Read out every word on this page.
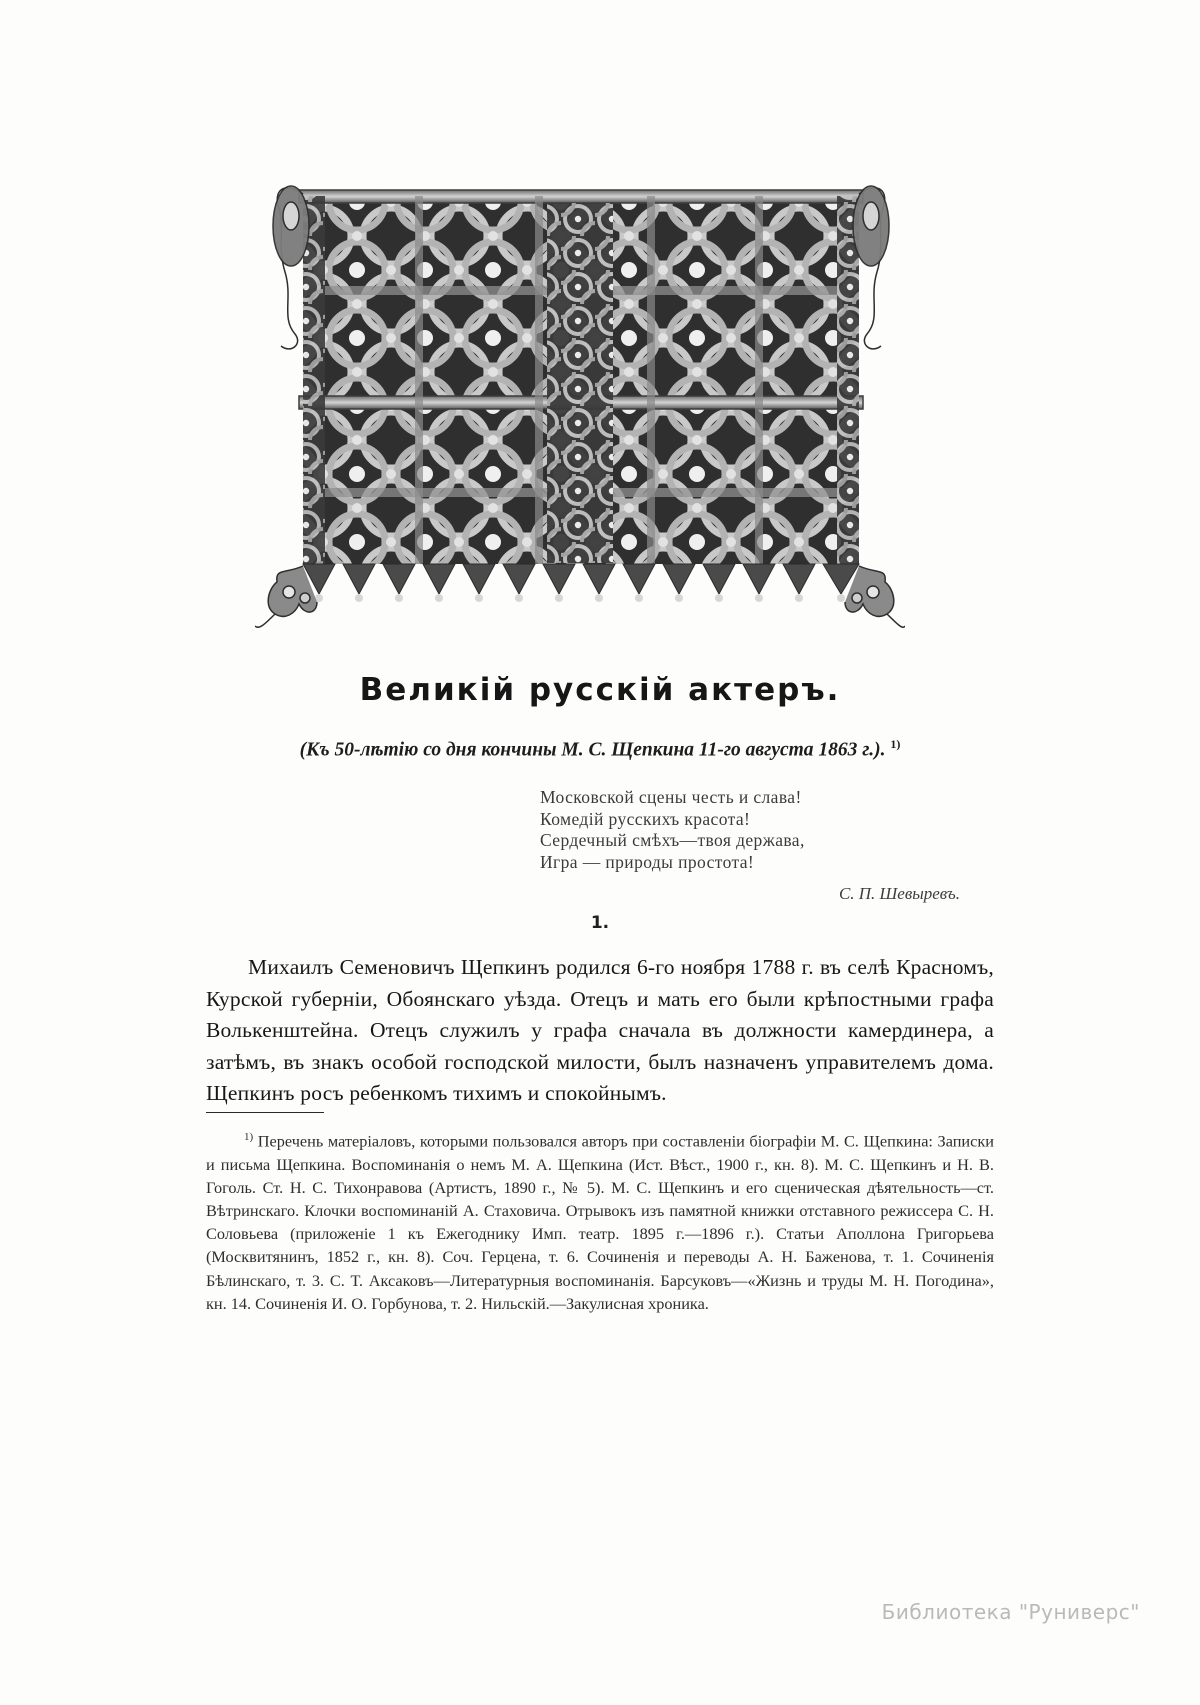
Великiй русскiй актеръ.
(Къ 50-лѣтiю со дня кончины М. С. Щепкина 11-го августа 1863 г.). $^{1)}$
Московской сцены честь и слава!
Комедiй русскихъ красота!
Сердечный смѣхъ—твоя держава,
Игра — природы простота!
С. П. Шевыревъ.
1.

Михаилъ Семеновичъ Щепкинъ родился 6-го ноября 1788 г. въ селѣ Красномъ, Курской губернiи, Обоянскаго уѣзда. Отецъ и мать его были крѣпостными графа Волькенштейна. Отецъ служилъ у графа сначала въ должности камердинера, а затѣмъ, въ знакъ особой господской милости, былъ назначенъ управителемъ дома. Щепкинъ росъ ребенкомъ тихимъ и спокойнымъ.

$^{1)}$ Перечень матерiаловъ, которыми пользовался авторъ при составленiи бiографiи М. С. Щепкина: Записки и письма Щепкина. Воспоминанiя о немъ М. А. Щепкина (Ист. Вѣст., 1900 г., кн. 8). М. С. Щепкинъ и Н. В. Гоголь. Ст. Н. С. Тихонравова (Артистъ, 1890 г., № 5). М. С. Щепкинъ и его сценическая дѣятельность—ст. Вѣтринскаго. Клочки воспоминанiй А. Стаховича. Отрывокъ изъ памятной книжки отставного режиссера С. Н. Соловьева (приложенiе 1 къ Ежегоднику Имп. театр. 1895 г.—1896 г.). Статьи Аполлона Григорьева (Москвитянинъ, 1852 г., кн. 8). Соч. Герцена, т. 6. Сочиненiя и переводы А. Н. Баженова, т. 1. Сочиненiя Бѣлинскаго, т. 3. С. Т. Аксаковъ—Литературныя воспоминанiя. Барсуковъ—«Жизнь и труды М. Н. Погодина», кн. 14. Сочиненiя И. О. Горбунова, т. 2. Нильскiй.—Закулисная хроника.

Библиотека "Руниверс"
